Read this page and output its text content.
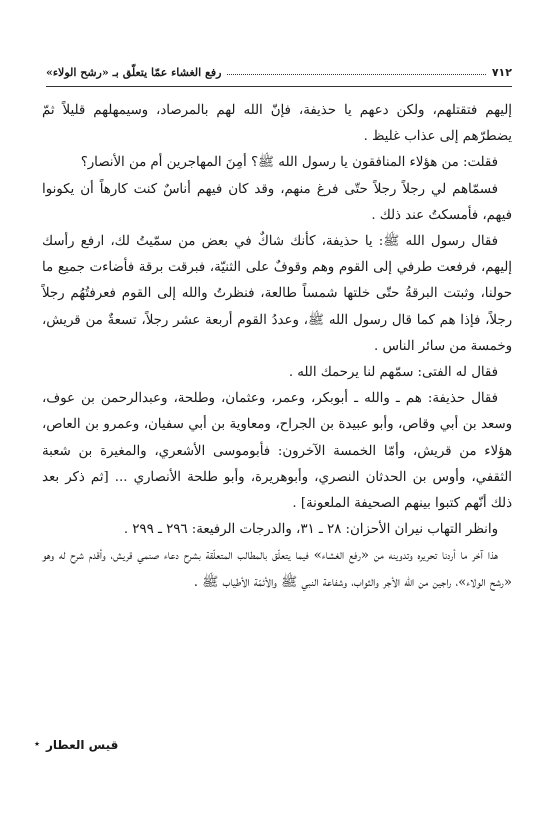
٧١٢
رفع الغشاء عمّا يتعلّق بـ «رشح الولاء»

إليهم فتقتلهم، ولكن دعهم يا حذيفة، فإنّ الله لهم بالمرصاد، وسيمهلهم قليلاً ثمّ يضطرّهم إلى عذاب غليظ .

فقلت: من هؤلاء المنافقون يا رسول الله ﷺ؟ أمِنَ المهاجرين أم من الأنصار؟

فسمّاهم لي رجلاً رجلاً حتّى فرغ منهم، وقد كان فيهم أناسٌ كنت كارهاً أن يكونوا فيهم، فأمسكتُ عند ذلك .

فقال رسول الله ﷺ: يا حذيفة، كأنك شاكٌ في بعض من سمّيتُ لك، ارفع رأسك إليهم، فرفعت طرفي إلى القوم وهم وقوفٌ على الثنيّة، فبرقت برقة فأضاءت جميع ما حولنا، وثبتت البرقةُ حتّى خلتها شمساً طالعة، فنظرتُ والله إلى القوم فعرفتُهُم رجلاً رجلاً، فإذا هم كما قال رسول الله ﷺ، وعددُ القوم أربعة عشر رجلاً، تسعةٌ من قريش، وخمسة من سائر الناس .

فقال له الفتى: سمّهم لنا يرحمك الله .

فقال حذيفة: هم ـ والله ـ أبوبكر، وعمر، وعثمان، وطلحة، وعبدالرحمن بن عوف، وسعد بن أبي وقاص، وأبو عبيدة بن الجراح، ومعاوية بن أبي سفيان، وعمرو بن العاص، هؤلاء من قريش، وأمّا الخمسة الآخرون: فأبوموسى الأشعري، والمغيرة بن شعبة الثقفي، وأوس بن الحدثان النصري، وأبوهريرة، وأبو طلحة الأنصاري ... [ثم ذكر بعد ذلك أنّهم كتبوا بينهم الصحيفة الملعونة] .

وانظر التهاب نيران الأحزان: ٢٨ ـ ٣١، والدرجات الرفيعة: ٢٩٦ ـ ٢٩٩ .

هذا آخر ما أردنا تحريره وتدوينه من «رفع الغشاء» فيما يتعلّق بالمطالب المتعلّقة بشرح دعاء صنمي قريش، وأقدم شرح له وهو «رشح الولاء»، راجين من الله الأجر والثواب، وشفاعة النبي ﷺ والأئمّة الأطياب ﷺ .

قيس العطار
٭
